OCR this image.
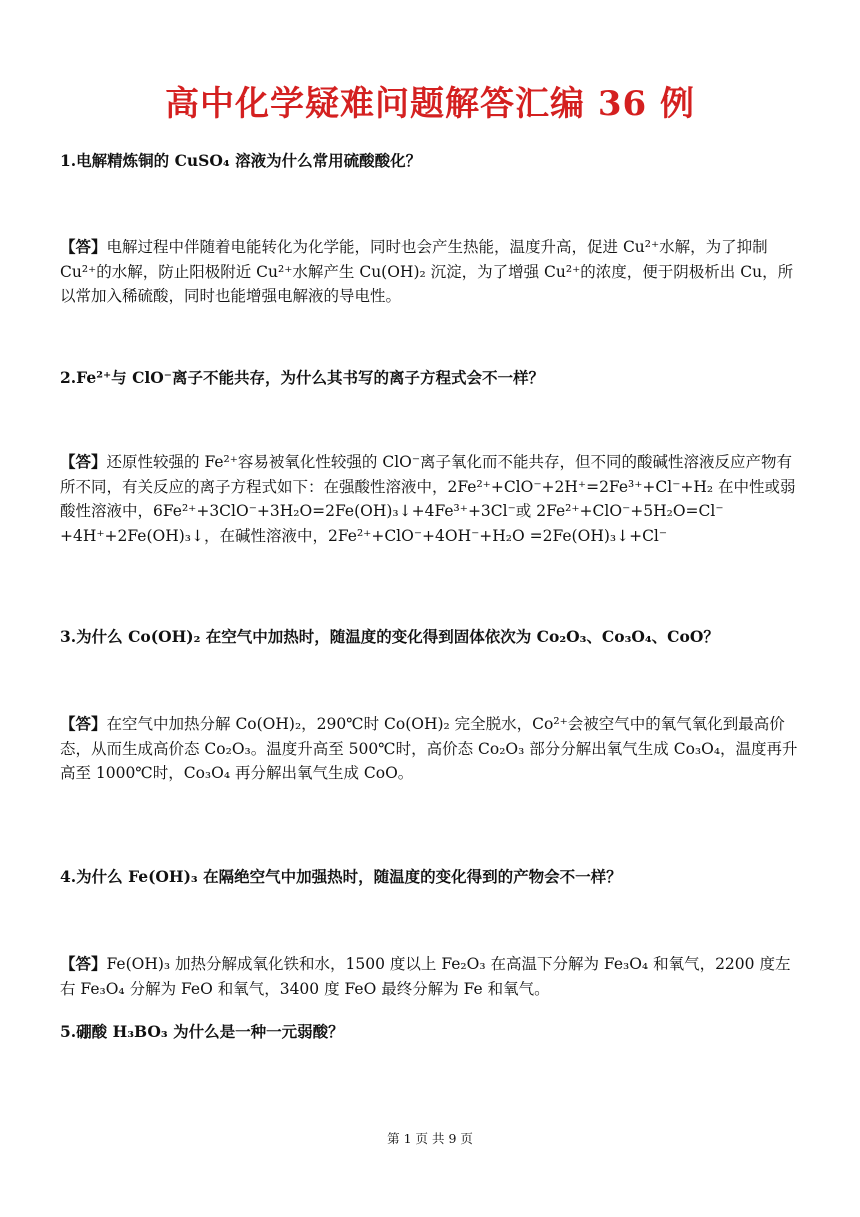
高中化学疑难问题解答汇编 36 例
1.电解精炼铜的 CuSO₄ 溶液为什么常用硫酸酸化？
【答】电解过程中伴随着电能转化为化学能，同时也会产生热能，温度升高，促进 Cu²⁺水解，为了抑制 Cu²⁺的水解，防止阳极附近 Cu²⁺水解产生 Cu(OH)₂ 沉淀，为了增强 Cu²⁺的浓度，便于阴极析出 Cu，所以常加入稀硫酸，同时也能增强电解液的导电性。
2.Fe²⁺与 ClO⁻离子不能共存，为什么其书写的离子方程式会不一样？
【答】还原性较强的 Fe²⁺容易被氧化性较强的 ClO⁻离子氧化而不能共存，但不同的酸碱性溶液反应产物有所不同，有关反应的离子方程式如下：在强酸性溶液中，2Fe²⁺+ClO⁻+2H⁺=2Fe³⁺+Cl⁻+H₂ 在中性或弱酸性溶液中，6Fe²⁺+3ClO⁻+3H₂O=2Fe(OH)₃↓+4Fe³⁺+3Cl⁻或 2Fe²⁺+ClO⁻+5H₂O=Cl⁻ +4H⁺+2Fe(OH)₃↓，在碱性溶液中，2Fe²⁺+ClO⁻+4OH⁻+H₂O =2Fe(OH)₃↓+Cl⁻
3.为什么 Co(OH)₂ 在空气中加热时，随温度的变化得到固体依次为 Co₂O₃、Co₃O₄、CoO？
【答】在空气中加热分解 Co(OH)₂，290℃时 Co(OH)₂ 完全脱水，Co²⁺会被空气中的氧气氧化到最高价态，从而生成高价态 Co₂O₃。温度升高至 500℃时，高价态 Co₂O₃ 部分分解出氧气生成 Co₃O₄，温度再升高至 1000℃时，Co₃O₄ 再分解出氧气生成 CoO。
4.为什么 Fe(OH)₃ 在隔绝空气中加强热时，随温度的变化得到的产物会不一样？
【答】Fe(OH)₃ 加热分解成氧化铁和水，1500 度以上 Fe₂O₃ 在高温下分解为 Fe₃O₄ 和氧气，2200 度左右 Fe₃O₄ 分解为 FeO 和氧气，3400 度 FeO 最终分解为 Fe 和氧气。
5.硼酸 H₃BO₃ 为什么是一种一元弱酸？
第 1 页 共 9 页
